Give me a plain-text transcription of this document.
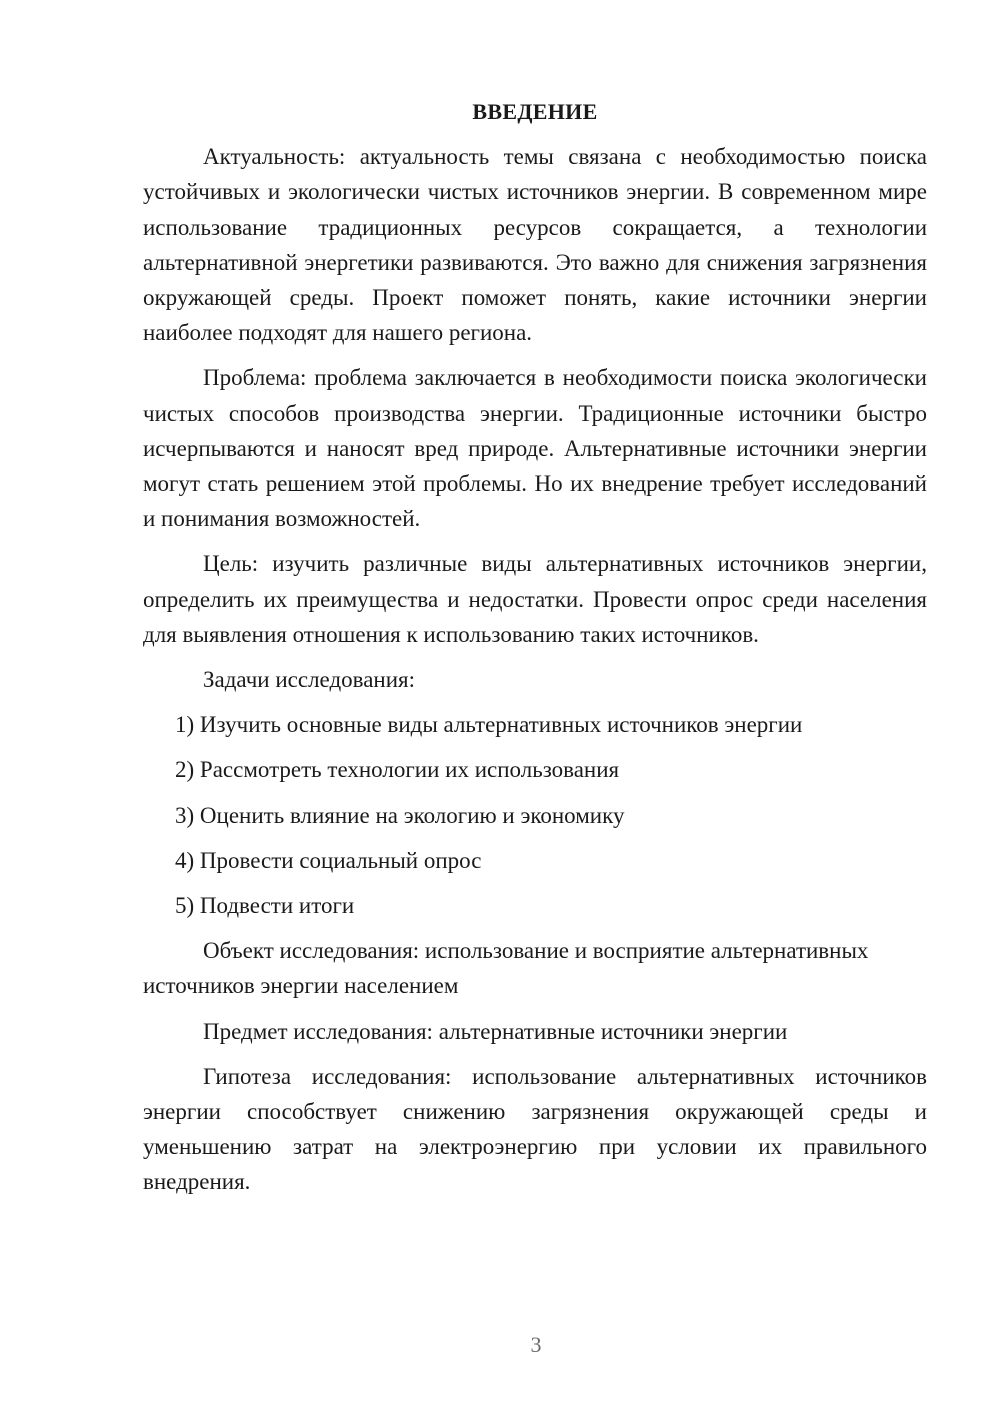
ВВЕДЕНИЕ

Актуальность: актуальность темы связана с необходимостью поиска устойчивых и экологически чистых источников энергии. В современном мире использование традиционных ресурсов сокращается, а технологии альтернативной энергетики развиваются. Это важно для снижения загрязнения окружающей среды. Проект поможет понять, какие источники энергии наиболее подходят для нашего региона.

Проблема: проблема заключается в необходимости поиска экологически чистых способов производства энергии. Традиционные источники быстро исчерпываются и наносят вред природе. Альтернативные источники энергии могут стать решением этой проблемы. Но их внедрение требует исследований и понимания возможностей.

Цель: изучить различные виды альтернативных источников энергии, определить их преимущества и недостатки. Провести опрос среди населения для выявления отношения к использованию таких источников.

Задачи исследования:

1) Изучить основные виды альтернативных источников энергии
2) Рассмотреть технологии их использования
3) Оценить влияние на экологию и экономику
4) Провести социальный опрос
5) Подвести итоги

Объект исследования: использование и восприятие альтернативных источников энергии населением

Предмет исследования: альтернативные источники энергии

Гипотеза исследования: использование альтернативных источников энергии способствует снижению загрязнения окружающей среды и уменьшению затрат на электроэнергию при условии их правильного внедрения.

3
